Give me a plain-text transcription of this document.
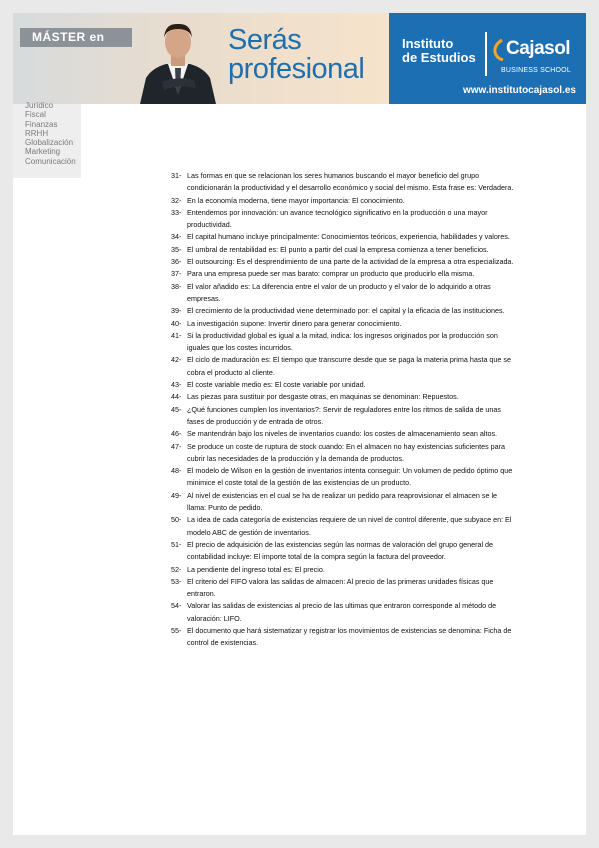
MÁSTER en	Serás
profesional
Instituto
de Estudios Cajasol
BUSINESS SCHOOL
www.institutocajasol.es
Jurídico
Fiscal
Finanzas
RRHH
Globalización
Marketing
Comunicación
31- Las formas en que se relacionan los seres humanos buscando el mayor beneficio del grupo condicionarán la productividad y el desarrollo económico y social del mismo. Esta frase es: Verdadera.
32- En la economía moderna, tiene mayor importancia: El conocimiento.
33- Entendemos por innovación: un avance tecnológico significativo en la producción o una mayor productividad.
34- El capital humano incluye principalmente: Conocimientos teóricos, experiencia, habilidades y valores.
35- El umbral de rentabilidad es: El punto a partir del cual la empresa comienza a tener beneficios.
36- El outsourcing: Es el desprendimiento de una parte de la actividad de la empresa a otra especializada.
37- Para una empresa puede ser mas barato: comprar un producto que producirlo ella misma.
38- El valor añadido es: La diferencia entre el valor de un producto y el valor de lo adquirido a otras empresas.
39- El crecimiento de la productividad viene determinado por: el capital y la eficacia de las instituciones.
40- La investigación supone: Invertir dinero para generar conocimiento.
41- Si la productividad global es igual a la mitad, indica: los ingresos originados por la producción son iguales que los costes incurridos.
42- El ciclo de maduración es: El tiempo que transcurre desde que se paga la materia prima hasta que se cobra el producto al cliente.
43- El coste variable medio es: El coste variable por unidad.
44- Las piezas para sustituir por desgaste otras, en maquinas se denominan: Repuestos.
45- ¿Qué funciones cumplen los inventarios?: Servir de reguladores entre los ritmos de salida de unas fases de producción y de entrada de otros.
46- Se mantendrán bajo los niveles de inventarios cuando: los costes de almacenamiento sean altos.
47- Se produce un coste de ruptura de stock cuando: En el almacen no hay existencias suficientes para cubrir las necesidades de la producción y la demanda de productos.
48- El modelo de Wilson en la gestión de inventarios intenta conseguir: Un volumen de pedido óptimo que minimice el coste total de la gestión de las existencias de un producto.
49- Al nivel de existencias en el cual se ha de realizar un pedido para reaprovisionar el almacen se le llama: Punto de pedido.
50- La idea de cada categoría de existencias requiere de un nivel de control diferente, que subyace en: El modelo ABC de gestión de inventarios.
51- El precio de adquisición de las existencias según las normas de valoración del grupo general de contabilidad incluye: El importe total de la compra según la factura del proveedor.
52- La pendiente del ingreso total es: El precio.
53- El criterio del FIFO valora las salidas de almacen: Al precio de las primeras unidades físicas que entraron.
54- Valorar las salidas de existencias al precio de las ultimas que entraron corresponde al método de valoración: LIFO.
55- El documento que hará sistematizar y registrar los movimientos de existencias se denomina: Ficha de control de existencias.
